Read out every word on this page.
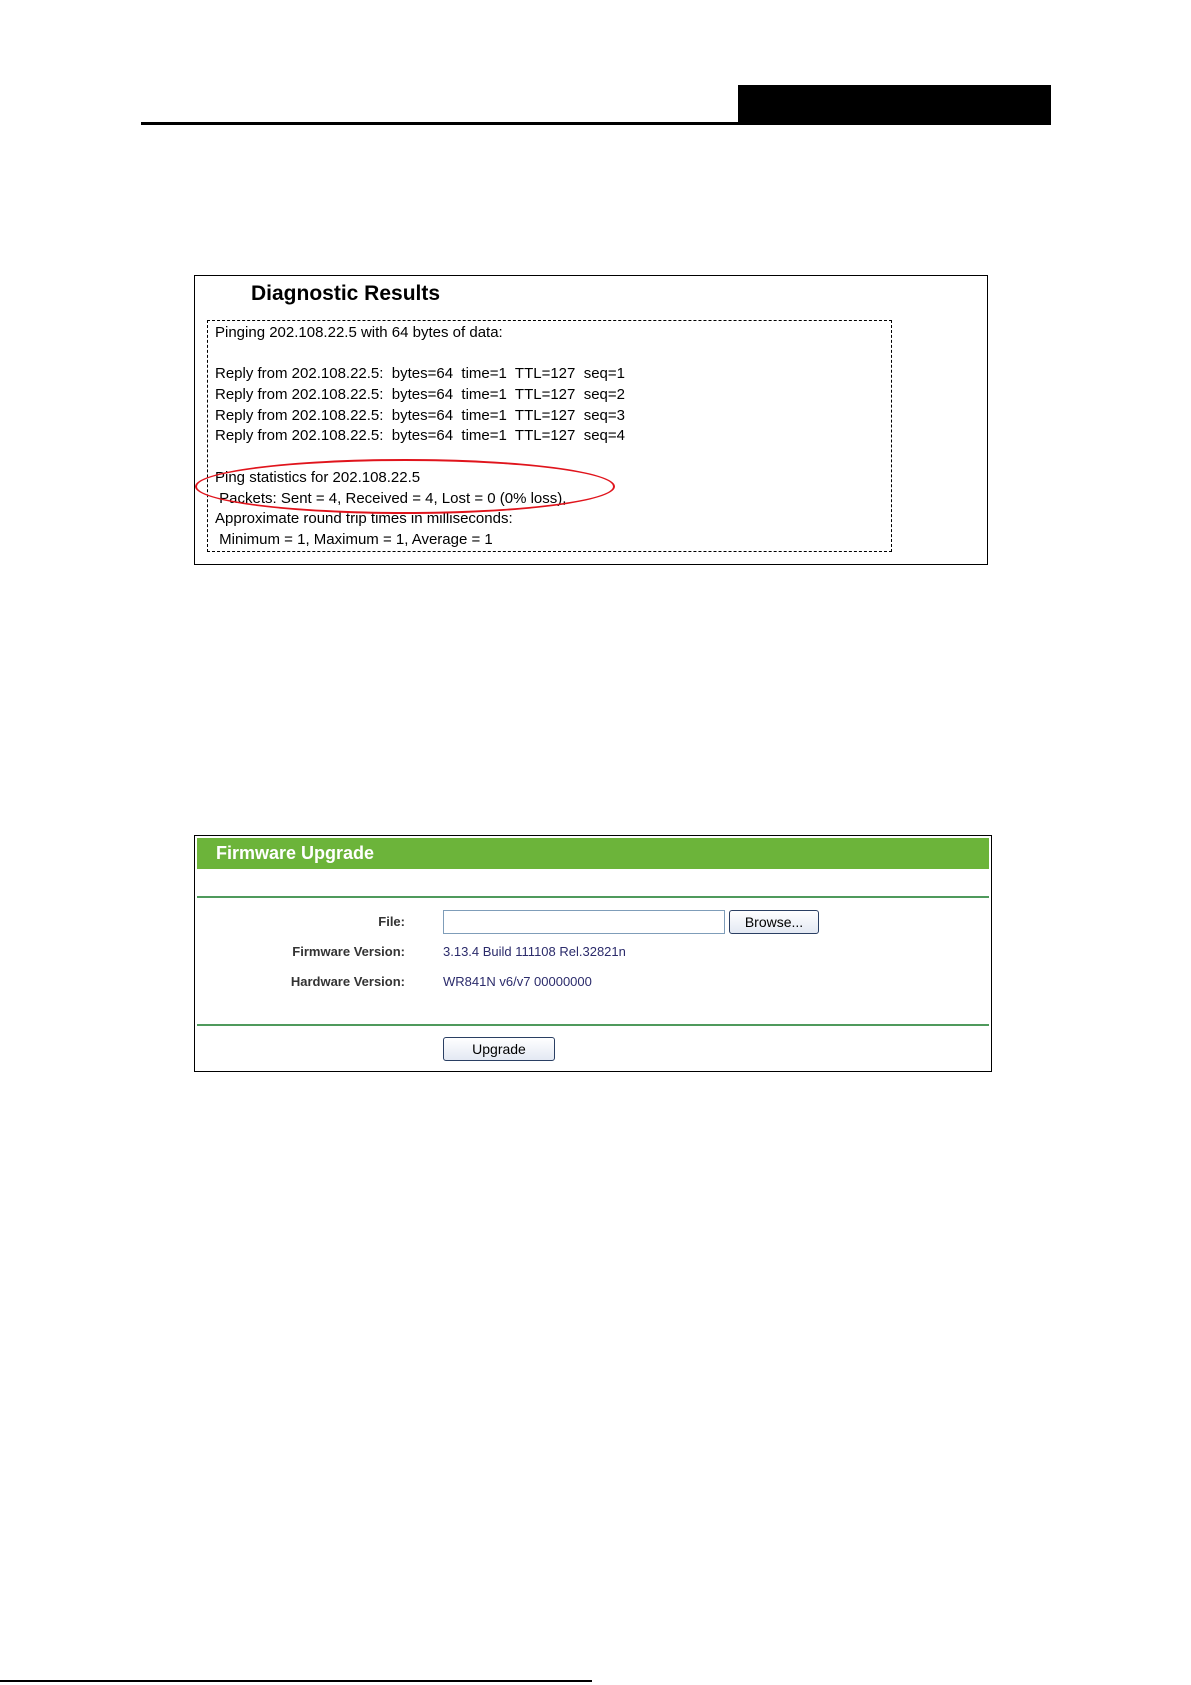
Diagnostic Results
Pinging 202.108.22.5 with 64 bytes of data:
Reply from 202.108.22.5:  bytes=64  time=1  TTL=127  seq=1
Reply from 202.108.22.5:  bytes=64  time=1  TTL=127  seq=2
Reply from 202.108.22.5:  bytes=64  time=1  TTL=127  seq=3
Reply from 202.108.22.5:  bytes=64  time=1  TTL=127  seq=4
Ping statistics for 202.108.22.5
Packets: Sent = 4, Received = 4, Lost = 0 (0% loss),
Approximate round trip times in milliseconds:
Minimum = 1, Maximum = 1, Average = 1
Firmware Upgrade
File:	Browse...
Firmware Version:	3.13.4 Build 111108 Rel.32821n
Hardware Version:	WR841N v6/v7 00000000
Upgrade
